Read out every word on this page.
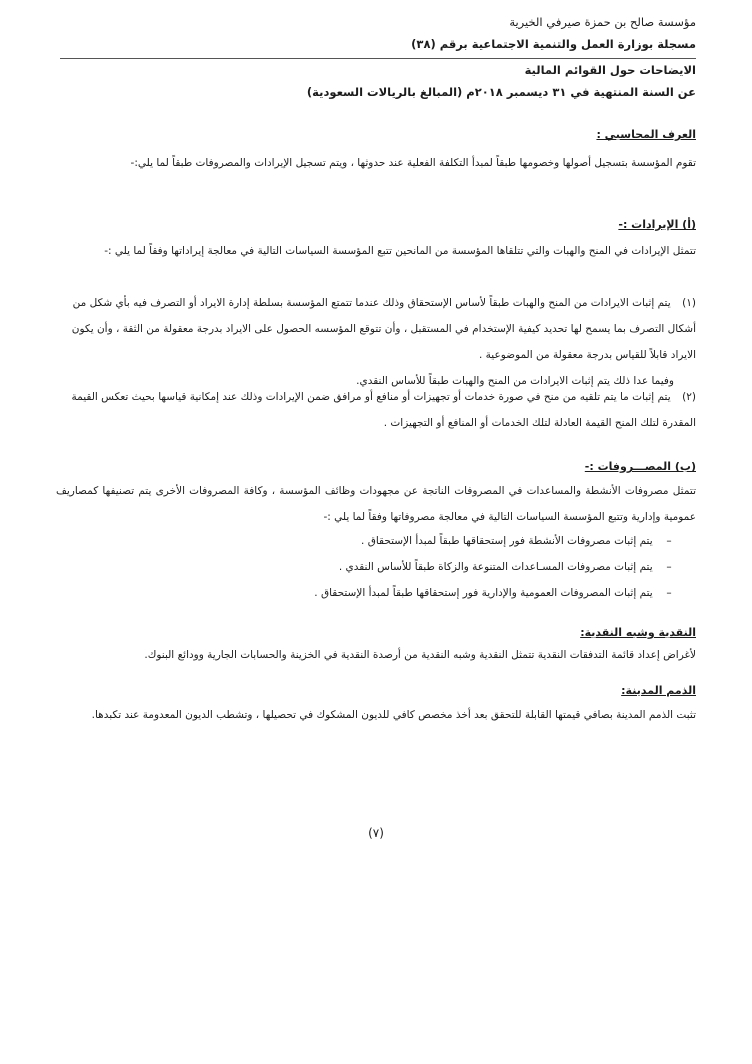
مؤسسة صالح بن حمزة صيرفي الخيرية

مسجلة بوزارة العمل والتنمية الاجتماعية برقم (٣٨)

الايضاحات حول القوائم المالية

عن السنة المنتهية في ٣١ ديسمبر ٢٠١٨م (المبالغ بالريالات السعودية)

العرف المحاسبي :

تقوم المؤسسة بتسجيل أصولها وخصومها طبقاً لمبدأ التكلفة الفعلية عند حدوثها ، ويتم تسجيل الإيرادات والمصروفات طبقاً لما يلي:-

(أ) الإيرادات :-

تتمثل الإيرادات في المنح والهبات والتي تتلقاها المؤسسة من المانحين تتبع المؤسسة السياسات التالية في معالجة إيراداتها وفقاً لما يلي :-

(١) يتم إثبات الايرادات من المنح والهبات طبقاً لأساس الإستحقاق وذلك عندما تتمتع المؤسسة بسلطة إدارة الايراد أو التصرف فيه بأي شكل من أشكال التصرف بما يسمح لها تحديد كيفية الإستخدام في المستقبل ، وأن تتوقع المؤسسه الحصول على الايراد بدرجة معقولة من الثقة ، وأن يكون الايراد قابلاً للقياس بدرجة معقولة من الموضوعية .

وفيما عدا ذلك يتم إثبات الايرادات من المنح والهبات طبقاً للأساس النقدي.

(٢) يتم إثبات ما يتم تلقيه من منح في صورة خدمات أو تجهيزات أو منافع أو مرافق ضمن الإيرادات وذلك عند إمكانية قياسها بحيث تعكس القيمة المقدرة لتلك المنح القيمة العادلة لتلك الخدمات أو المنافع أو التجهيزات .

(ب) المصـــروفات :-

تتمثل مصروفات الأنشطة والمساعدات في المصروفات الناتجة عن مجهودات وظائف المؤسسة ، وكافة المصروفات الأخرى يتم تصنيفها كمصاريف عمومية وإدارية وتتبع المؤسسة السياسات التالية في معالجة مصروفاتها وفقاً لما يلي :-

– يتم إثبات مصروفات الأنشطة فور إستحقاقها طبقاً لمبدأ الإستحقاق .
– يتم إثبات مصروفات المسـاعدات المتنوعة والزكاة طبقاً للأساس النقدي .
– يتم إثبات المصروفات العمومية والإدارية فور إستحقاقها طبقاً لمبدأ الإستحقاق .

النقدية وشبه النقدية:

لأغراض إعداد قائمة التدفقات النقدية تتمثل النقدية وشبه النقدية من أرصدة النقدية في الخزينة والحسابات الجارية وودائع البنوك.

الذمم المدينة:

تثبت الذمم المدينة بصافي قيمتها القابلة للتحقق بعد أخذ مخصص كافي للديون المشكوك في تحصيلها ، وتشطب الديون المعدومة عند تكبدها.

(٧)
